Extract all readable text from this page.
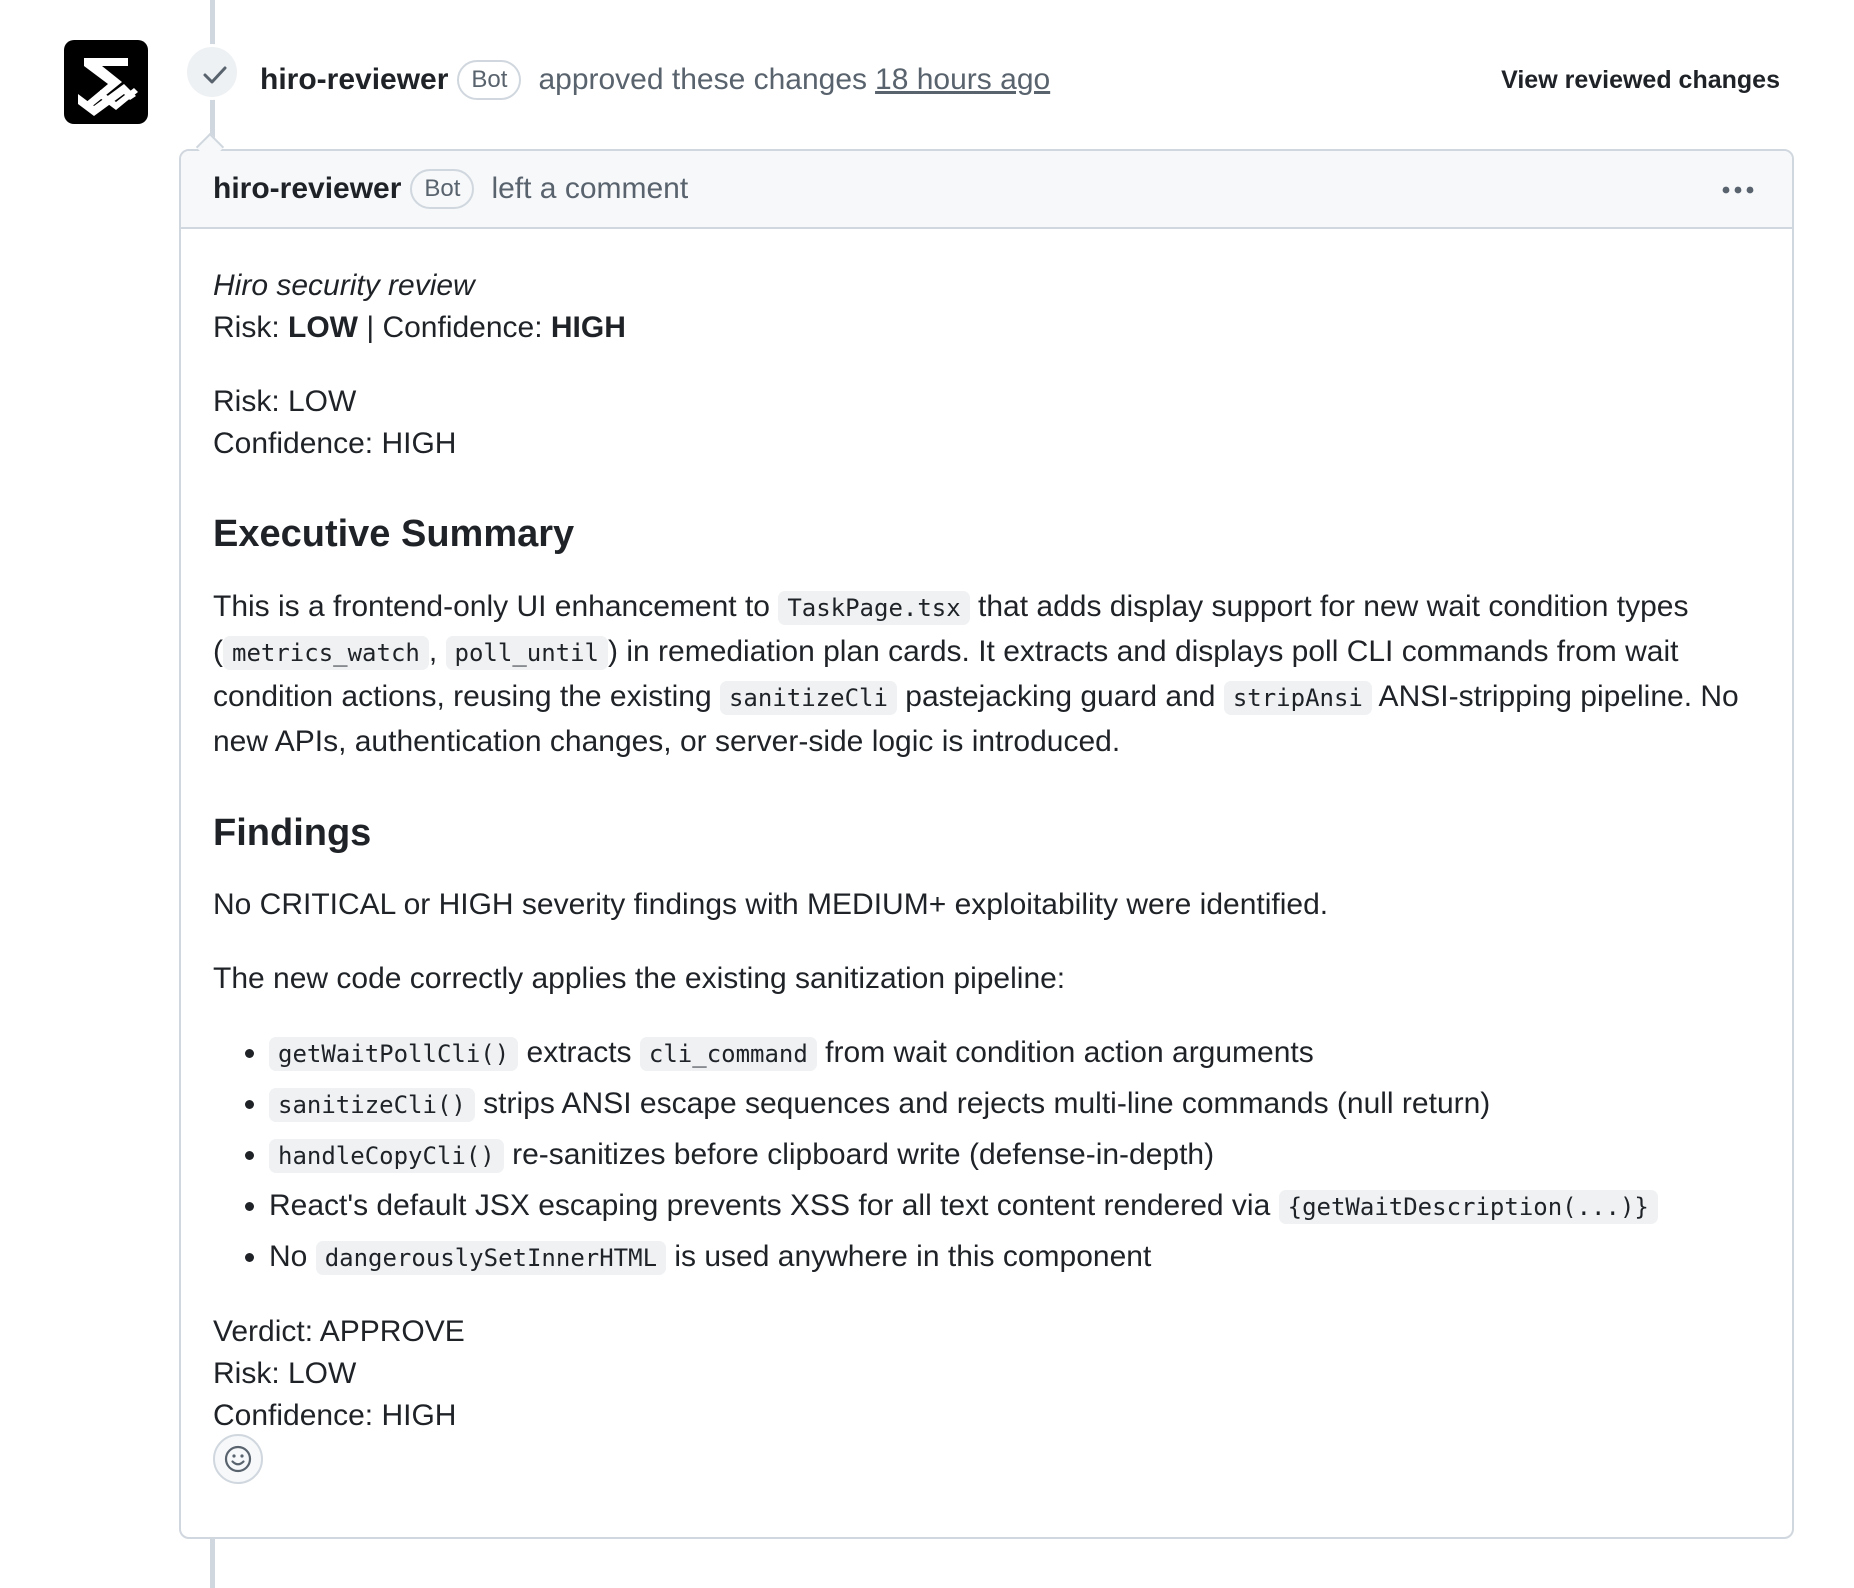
hiro-reviewer Bot	approved these changes 18 hours ago	View reviewed changes
hiro-reviewer Bot	left a comment

Hiro security review

Risk: LOW | Confidence: HIGH

Risk: LOW

Confidence: HIGH

Executive Summary

This is a frontend-only UI enhancement to TaskPage.tsx that adds display support for new wait condition types ( metrics_watch , poll_until ) in remediation plan cards. It extracts and displays poll CLI commands from wait condition actions, reusing the existing sanitizeCli pastejacking guard and stripAnsi ANSI-stripping pipeline. No new APIs, authentication changes, or server-side logic is introduced.

Findings

No CRITICAL or HIGH severity findings with MEDIUM+ exploitability were identified.

The new code correctly applies the existing sanitization pipeline:

• getWaitPollCli() extracts cli_command from wait condition action arguments
• sanitizeCli() strips ANSI escape sequences and rejects multi-line commands (null return)
• handleCopyCli() re-sanitizes before clipboard write (defense-in-depth)
• React's default JSX escaping prevents XSS for all text content rendered via {getWaitDescription(...)}
• No dangerouslySetInnerHTML is used anywhere in this component

Verdict: APPROVE

Risk: LOW

Confidence: HIGH
